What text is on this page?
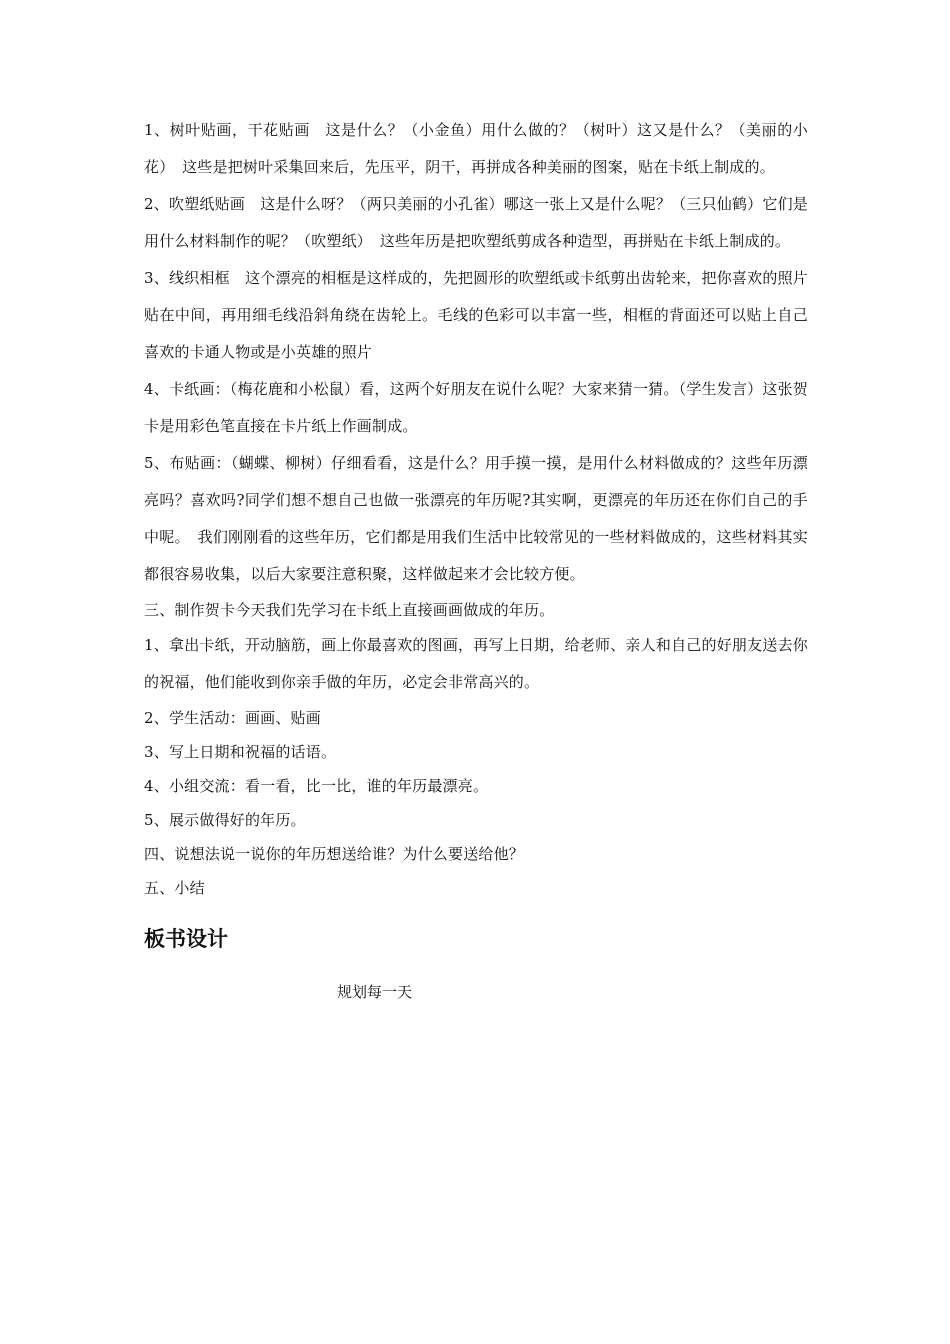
1、树叶贴画，干花贴画　这是什么？（小金鱼）用什么做的？（树叶）这又是什么？（美丽的小花）　这些是把树叶采集回来后，先压平，阴干，再拼成各种美丽的图案，贴在卡纸上制成的。

2、吹塑纸贴画　这是什么呀？（两只美丽的小孔雀）哪这一张上又是什么呢？（三只仙鹤）它们是用什么材料制作的呢？（吹塑纸）　这些年历是把吹塑纸剪成各种造型，再拼贴在卡纸上制成的。

3、线织相框　这个漂亮的相框是这样成的，先把圆形的吹塑纸或卡纸剪出齿轮来，把你喜欢的照片贴在中间，再用细毛线沿斜角绕在齿轮上。毛线的色彩可以丰富一些，相框的背面还可以贴上自己喜欢的卡通人物或是小英雄的照片

4、卡纸画：（梅花鹿和小松鼠）看，这两个好朋友在说什么呢？大家来猜一猜。（学生发言）这张贺卡是用彩色笔直接在卡片纸上作画制成。

5、布贴画：（蝴蝶、柳树）仔细看看，这是什么？用手摸一摸，是用什么材料做成的？这些年历漂亮吗？喜欢吗?同学们想不想自己也做一张漂亮的年历呢?其实啊，更漂亮的年历还在你们自己的手中呢。　我们刚刚看的这些年历，它们都是用我们生活中比较常见的一些材料做成的，这些材料其实都很容易收集，以后大家要注意积聚，这样做起来才会比较方便。

三、制作贺卡今天我们先学习在卡纸上直接画画做成的年历。

1、拿出卡纸，开动脑筋，画上你最喜欢的图画，再写上日期，给老师、亲人和自己的好朋友送去你的祝福，他们能收到你亲手做的年历，必定会非常高兴的。

2、学生活动：画画、贴画

3、写上日期和祝福的话语。

4、小组交流：看一看，比一比，谁的年历最漂亮。

5、展示做得好的年历。

四、说想法说一说你的年历想送给谁？为什么要送给他？

五、小结

板书设计

规划每一天
